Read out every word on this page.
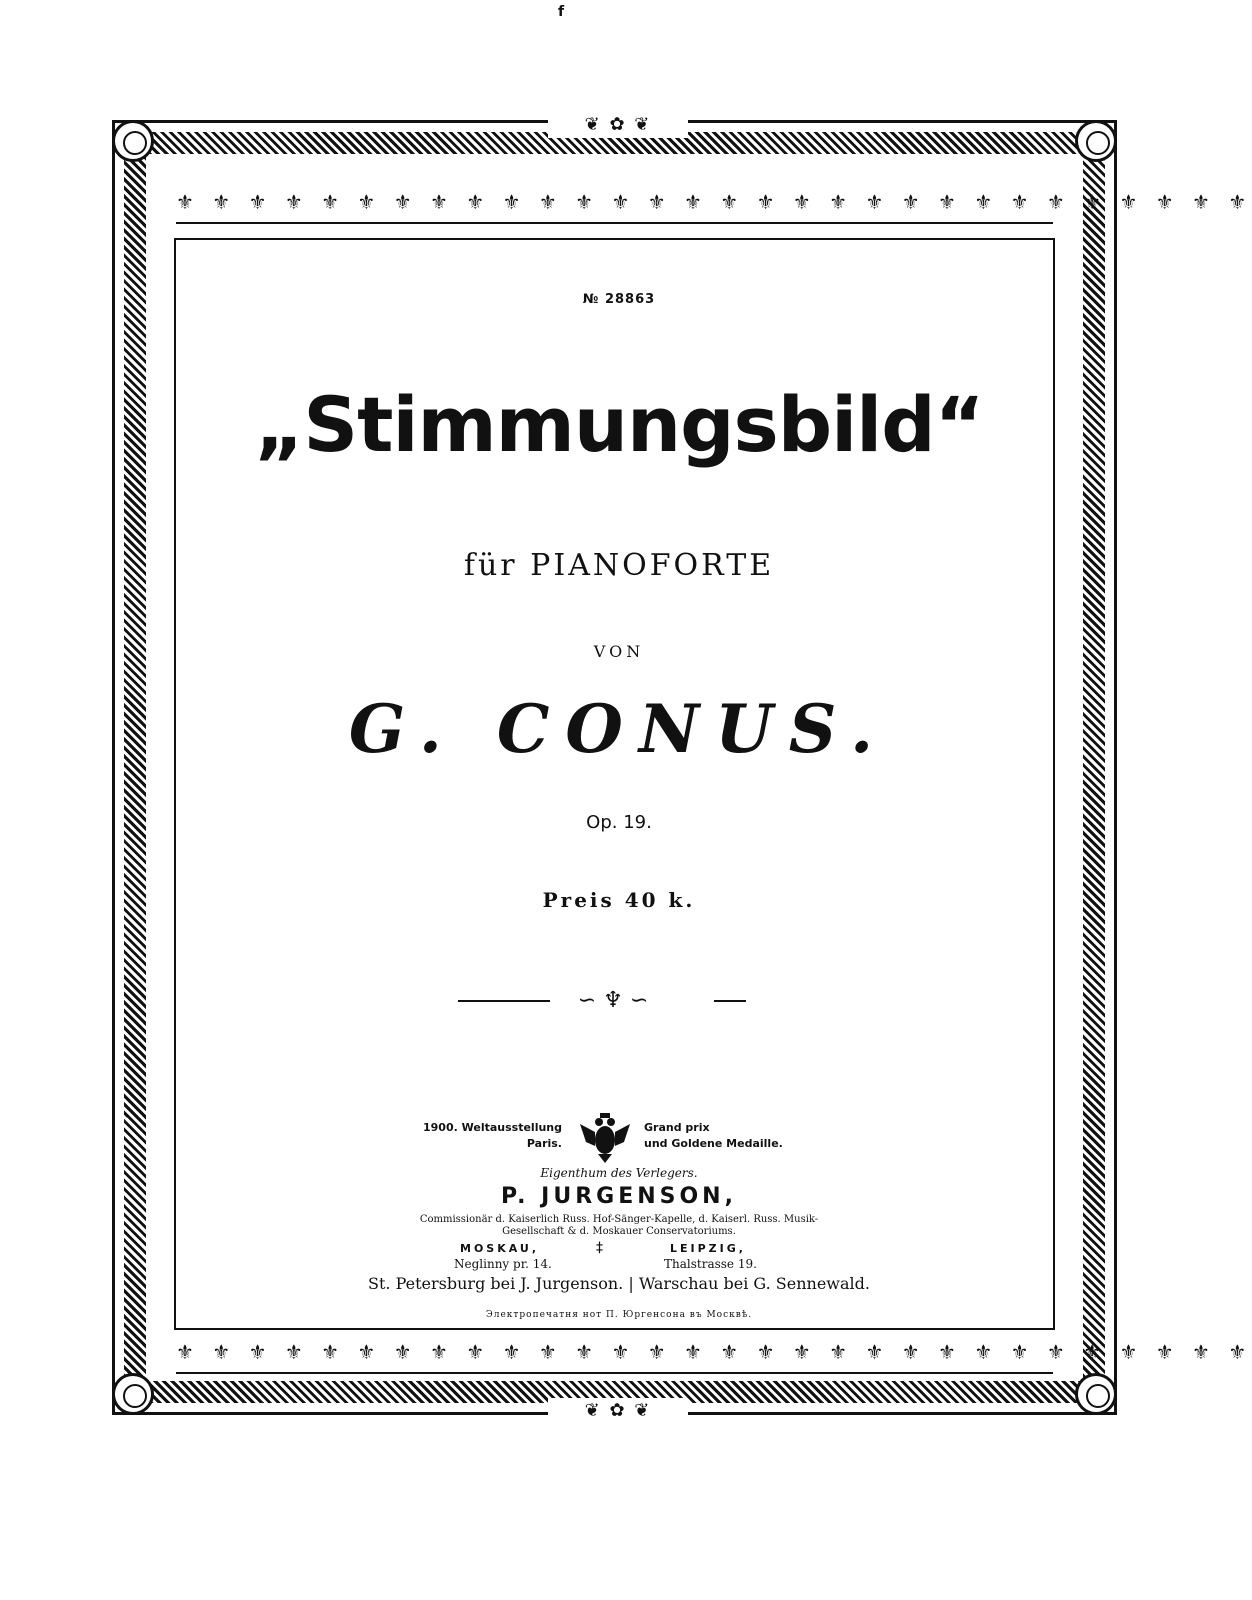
f
⚜ ⚜ ⚜ ⚜ ⚜ ⚜ ⚜ ⚜ ⚜ ⚜ ⚜ ⚜ ⚜ ⚜ ⚜ ⚜ ⚜ ⚜ ⚜ ⚜ ⚜ ⚜ ⚜ ⚜ ⚜ ⚜ ⚜ ⚜ ⚜ ⚜
⚜ ⚜ ⚜ ⚜ ⚜ ⚜ ⚜ ⚜ ⚜ ⚜ ⚜ ⚜ ⚜ ⚜ ⚜ ⚜ ⚜ ⚜ ⚜ ⚜ ⚜ ⚜ ⚜ ⚜ ⚜ ⚜ ⚜ ⚜ ⚜ ⚜
❦ ✿ ❦
❦ ✿ ❦
№ 28863
„Stimmungsbild“
für PIANOFORTE
VON
G. CONUS.
Op. 19.
Preis 40 k.
∽ ♆ ∽
1900. Weltausstellung
Paris.
Grand prix
und Goldene Medaille.
Eigenthum des Verlegers.
P. JURGENSON,
Commissionär d. Kaiserlich Russ. Hof-Sänger-Kapelle, d. Kaiserl. Russ. Musik-
Gesellschaft & d. Moskauer Conservatoriums.
MOSKAU,
Neglinny pr. 14.
‡	LEIPZIG,
Thalstrasse 19.
St. Petersburg bei J. Jurgenson. | Warschau bei G. Sennewald.
Электропечатня нот П. Юргенсона въ Москвѣ.
